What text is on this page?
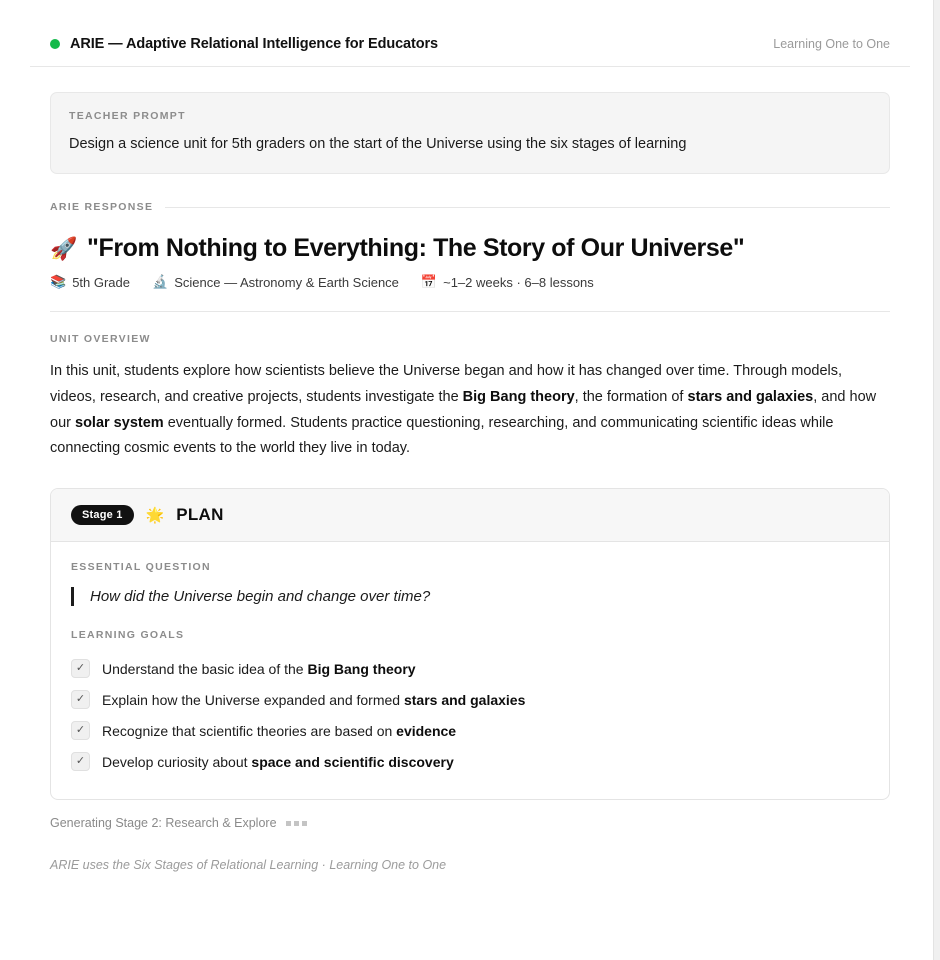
ARIE — Adaptive Relational Intelligence for Educators	Learning One to One
TEACHER PROMPT
Design a science unit for 5th graders on the start of the Universe using the six stages of learning
ARIE RESPONSE
🚀 "From Nothing to Everything: The Story of Our Universe"
📚 5th Grade 🔬 Science — Astronomy & Earth Science 📅 ~1–2 weeks · 6–8 lessons
UNIT OVERVIEW
In this unit, students explore how scientists believe the Universe began and how it has changed over time. Through models, videos, research, and creative projects, students investigate the Big Bang theory, the formation of stars and galaxies, and how our solar system eventually formed. Students practice questioning, researching, and communicating scientific ideas while connecting cosmic events to the world they live in today.
Stage 1	🌟 PLAN
ESSENTIAL QUESTION
How did the Universe begin and change over time?
LEARNING GOALS
✓	Understand the basic idea of the Big Bang theory
✓	Explain how the Universe expanded and formed stars and galaxies
✓	Recognize that scientific theories are based on evidence
✓	Develop curiosity about space and scientific discovery
Generating Stage 2: Research & Explore
ARIE uses the Six Stages of Relational Learning · Learning One to One
